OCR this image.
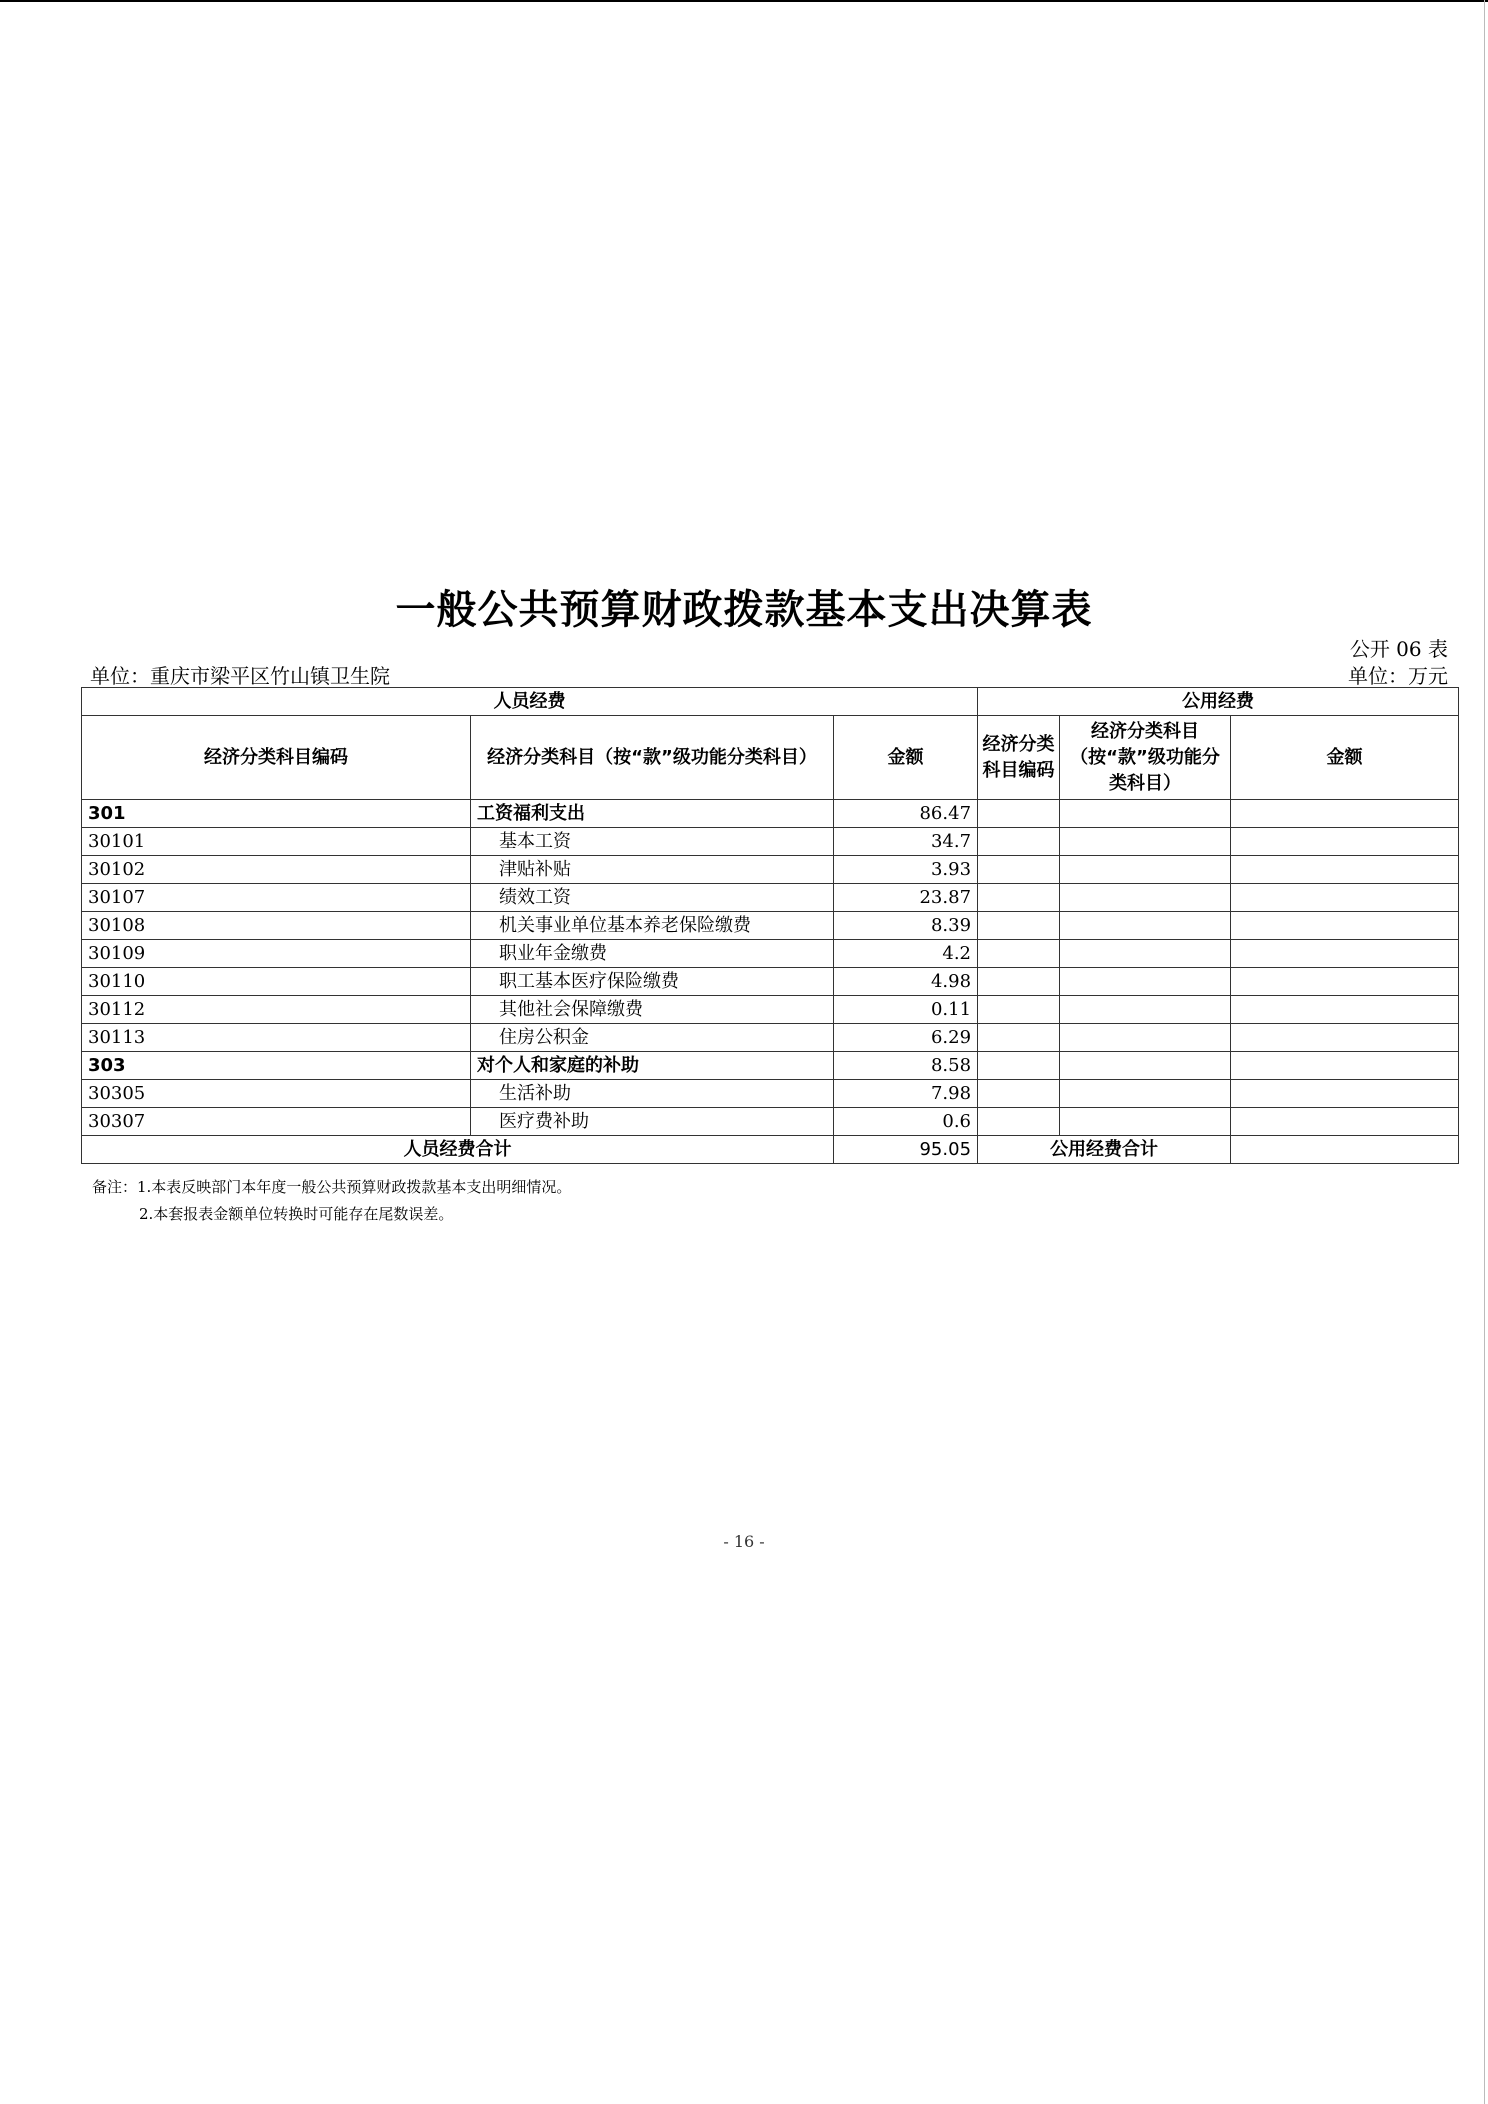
一般公共预算财政拨款基本支出决算表
公开 06 表
单位：重庆市梁平区竹山镇卫生院	单位：万元
人员经费			公用经费		
经济分类科目编码	经济分类科目（按“款”级功能分类科目）	金额	经济分类科目编码	经济分类科目（按“款”级功能分类科目）	金额
301	工资福利支出	86.47			
30101	基本工资	34.7			
30102	津贴补贴	3.93			
30107	绩效工资	23.87			
30108	机关事业单位基本养老保险缴费	8.39			
30109	职业年金缴费	4.2			
30110	职工基本医疗保险缴费	4.98			
30112	其他社会保障缴费	0.11			
30113	住房公积金	6.29			
303	对个人和家庭的补助	8.58			
30305	生活补助	7.98			
30307	医疗费补助	0.6			
人员经费合计		95.05	公用经费合计		
备注：1.本表反映部门本年度一般公共预算财政拨款基本支出明细情况。
2.本套报表金额单位转换时可能存在尾数误差。
- 16 -
